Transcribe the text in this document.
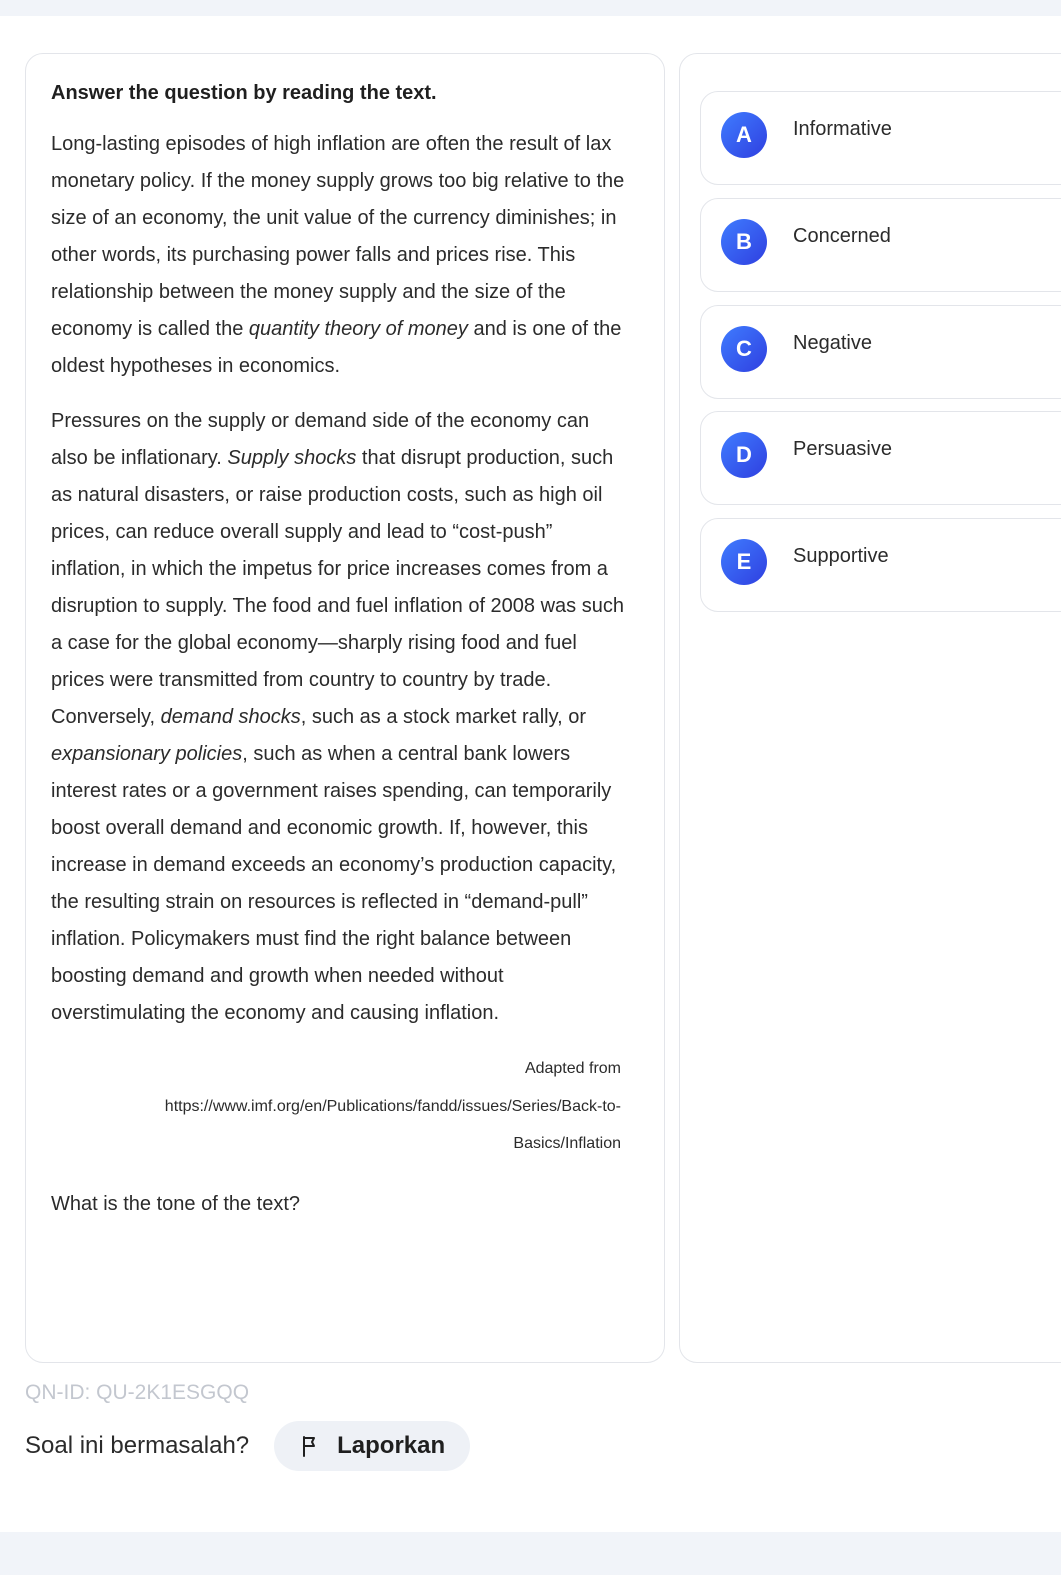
Answer the question by reading the text.

Long-lasting episodes of high inflation are often the result of lax monetary policy. If the money supply grows too big relative to the size of an economy, the unit value of the currency diminishes; in other words, its purchasing power falls and prices rise. This relationship between the money supply and the size of the economy is called the quantity theory of money and is one of the oldest hypotheses in economics.

Pressures on the supply or demand side of the economy can also be inflationary. Supply shocks that disrupt production, such as natural disasters, or raise production costs, such as high oil prices, can reduce overall supply and lead to “cost-push” inflation, in which the impetus for price increases comes from a disruption to supply. The food and fuel inflation of 2008 was such a case for the global economy—sharply rising food and fuel prices were transmitted from country to country by trade. Conversely, demand shocks, such as a stock market rally, or expansionary policies, such as when a central bank lowers interest rates or a government raises spending, can temporarily boost overall demand and economic growth. If, however, this increase in demand exceeds an economy’s production capacity, the resulting strain on resources is reflected in “demand-pull” inflation. Policymakers must find the right balance between boosting demand and growth when needed without overstimulating the economy and causing inflation.

Adapted from
https://www.imf.org/en/Publications/fandd/issues/Series/Back-to-
Basics/Inflation
What is the tone of the text?
A	Informative
B	Concerned
C	Negative
D	Persuasive
E	Supportive
QN-ID: QU-2K1ESGQQ
Soal ini bermasalah?	Laporkan
